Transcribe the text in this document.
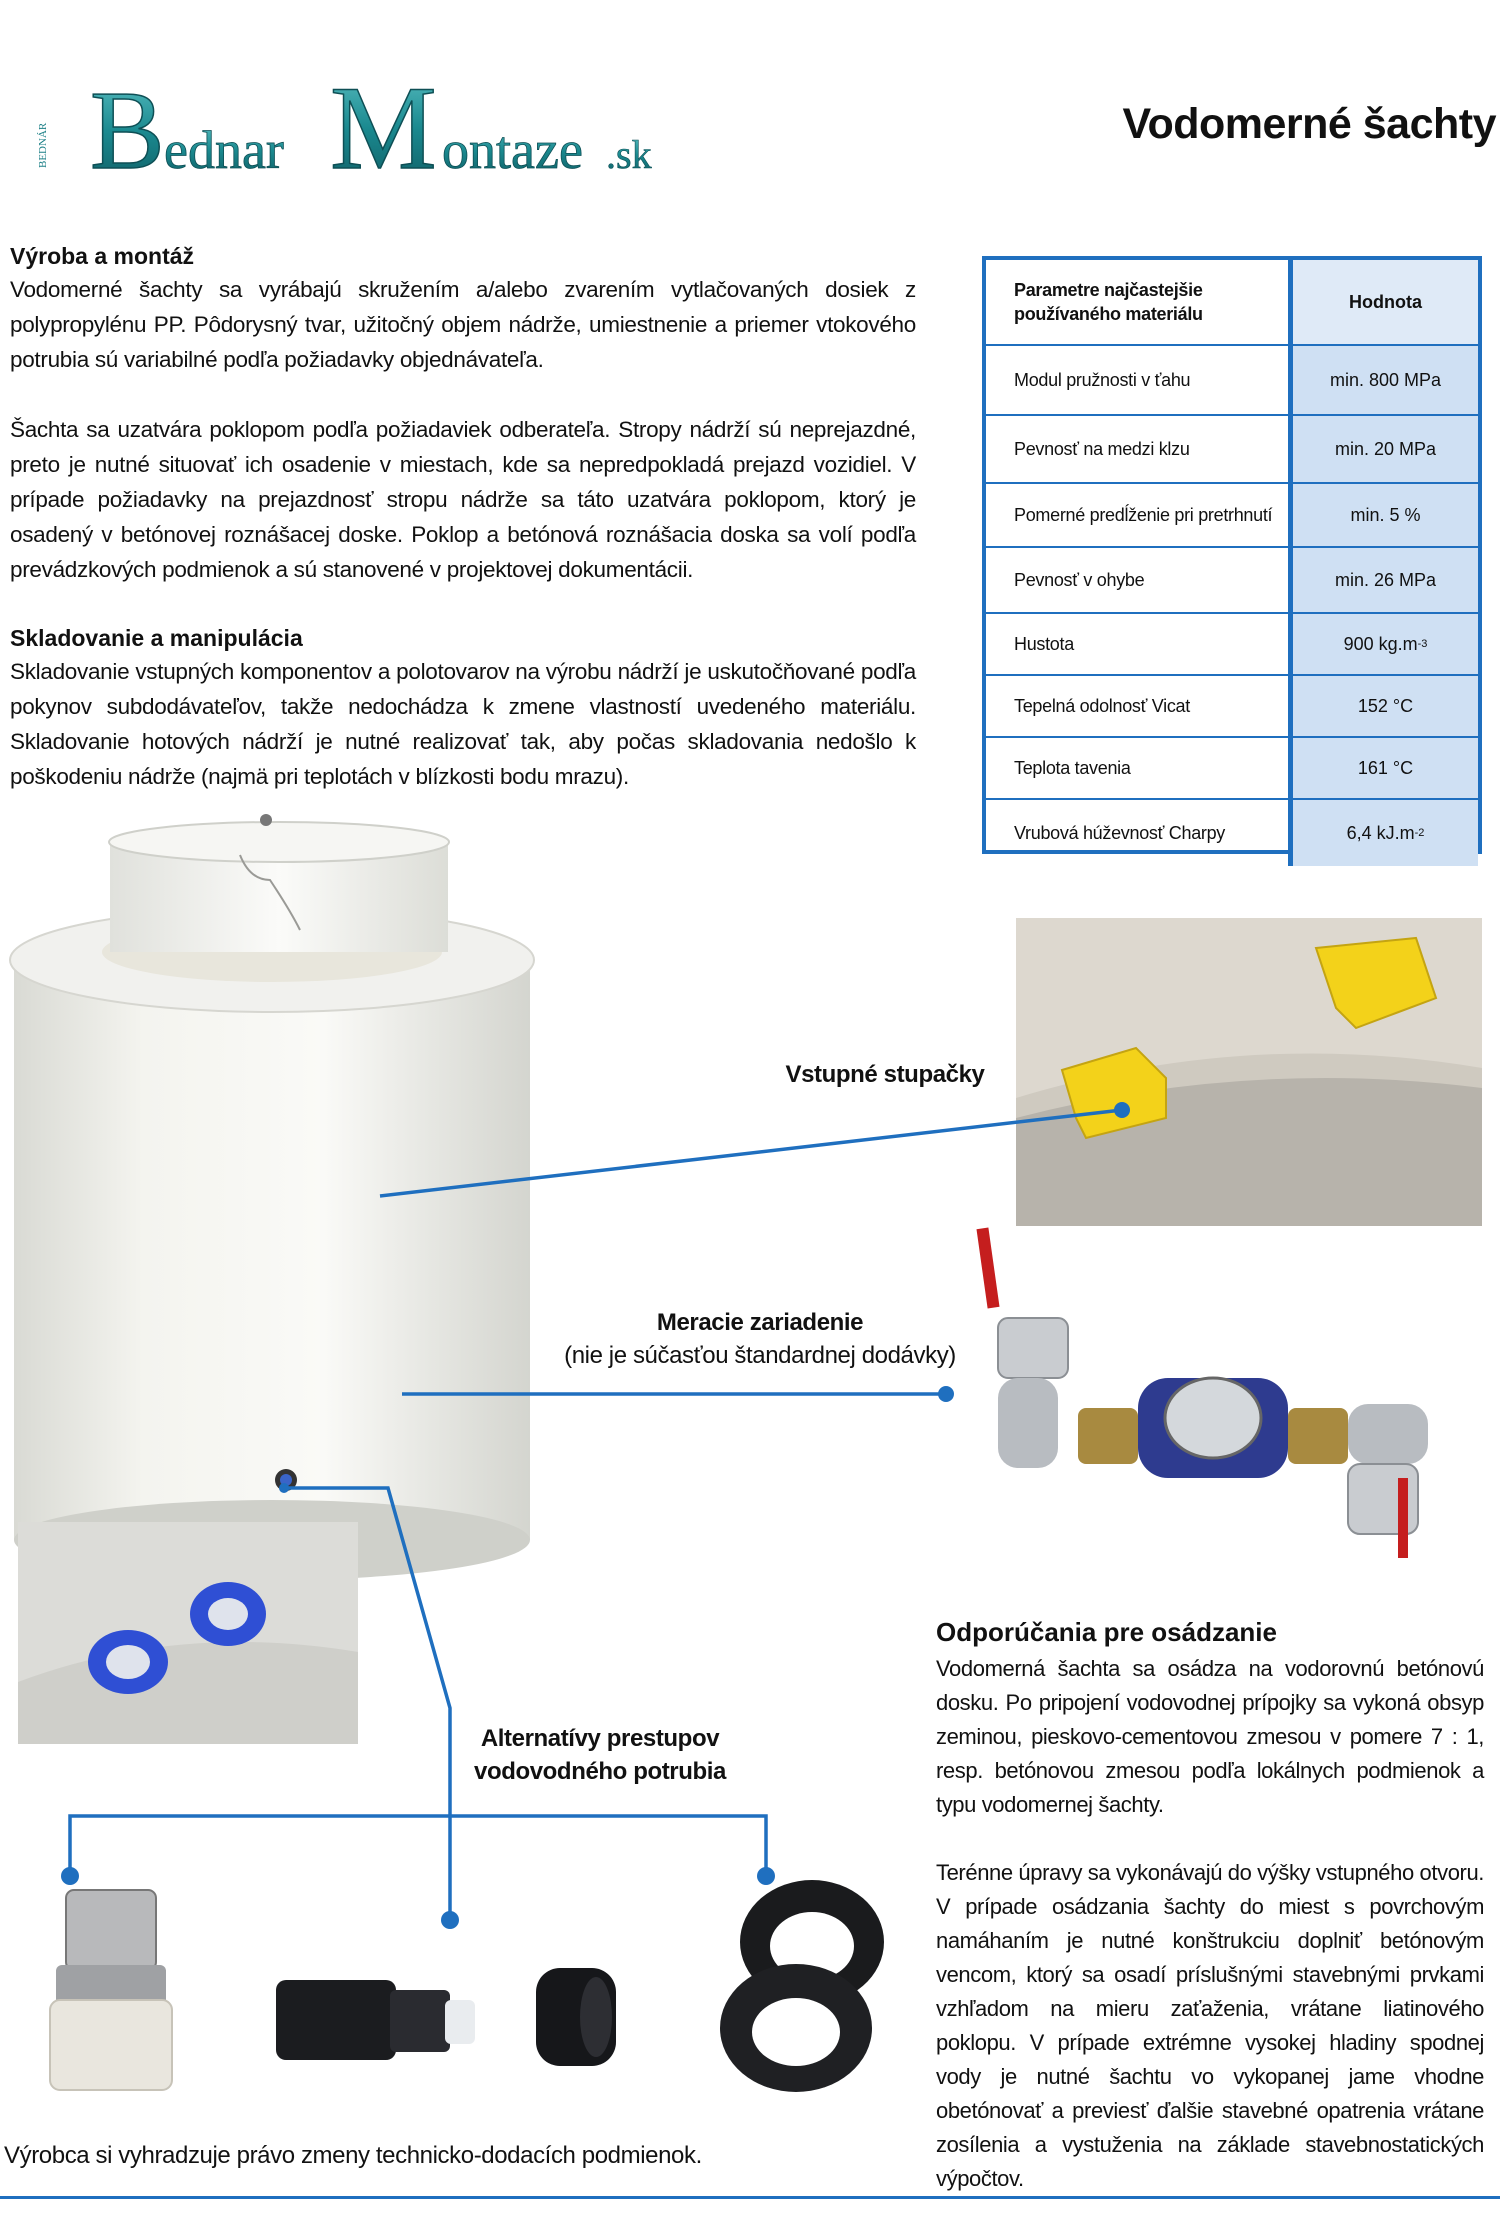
BEDNÁR B ednar M ontaze .sk
Vodomerné šachty
Výroba a montáž

Vodomerné šachty sa vyrábajú skružením a/alebo zvarením vytlačovaných dosiek z polypropylénu PP. Pôdorysný tvar, užitočný objem nádrže, umiestnenie a priemer vtokového potrubia sú variabilné podľa požiadavky objednávateľa.

Šachta sa uzatvára poklopom podľa požiadaviek odberateľa. Stropy nádrží sú neprejazdné, preto je nutné situovať ich osadenie v miestach, kde sa nepredpokladá prejazd vozidiel. V prípade požiadavky na prejazdnosť stropu nádrže sa táto uzatvára poklopom, ktorý je osadený v betónovej roznášacej doske. Poklop a betónová roznášacia doska sa volí podľa prevádzkových podmienok a sú stanovené v projektovej dokumentácii.

Skladovanie a manipulácia

Skladovanie vstupných komponentov a polotovarov na výrobu nádrží je uskutočňované podľa pokynov subdodávateľov, takže nedochádza k zmene vlastností uvedeného materiálu. Skladovanie hotových nádrží je nutné realizovať tak, aby počas skladovania nedošlo k poškodeniu nádrže (najmä pri teplotách v blízkosti bodu mrazu).

Parametre najčastejšie používaného materiálu
Hodnota
Modul pružnosti v ťahu	min. 800 MPa
Pevnosť na medzi klzu	min. 20 MPa
Pomerné predĺženie pri pretrhnutí	min. 5 %
Pevnosť v ohybe	min. 26 MPa
Hustota	900 kg.m -3
Tepelná odolnosť Vicat	152 °C
Teplota tavenia	161 °C
Vrubová húževnosť Charpy	6,4 kJ.m -2
Vstupné stupačky
Meracie zariadenie
(nie je súčasťou štandardnej dodávky)
Alternatívy prestupov
vodovodného potrubia
Odporúčania pre osádzanie

Vodomerná šachta sa osádza na vodorovnú betónovú dosku. Po pripojení vodovodnej prípojky sa vykoná obsyp zeminou, pieskovo-cementovou zmesou v pomere 7 : 1, resp. betónovou zmesou podľa lokálnych podmienok a typu vodomernej šachty.

Terénne úpravy sa vykonávajú do výšky vstupného otvoru. V prípade osádzania šachty do miest s povrchovým namáhaním je nutné konštrukciu doplniť betónovým vencom, ktorý sa osadí príslušnými stavebnými prvkami vzhľadom na mieru zaťaženia, vrátane liatinového poklopu. V prípade extrémne vysokej hladiny spodnej vody je nutné šachtu vo vykopanej jame vhodne obetónovať a previesť ďalšie stavebné opatrenia vrátane zosílenia a vystuženia na základe stavebnostatických výpočtov.

Výrobca si vyhradzuje právo zmeny technicko-dodacích podmienok.
